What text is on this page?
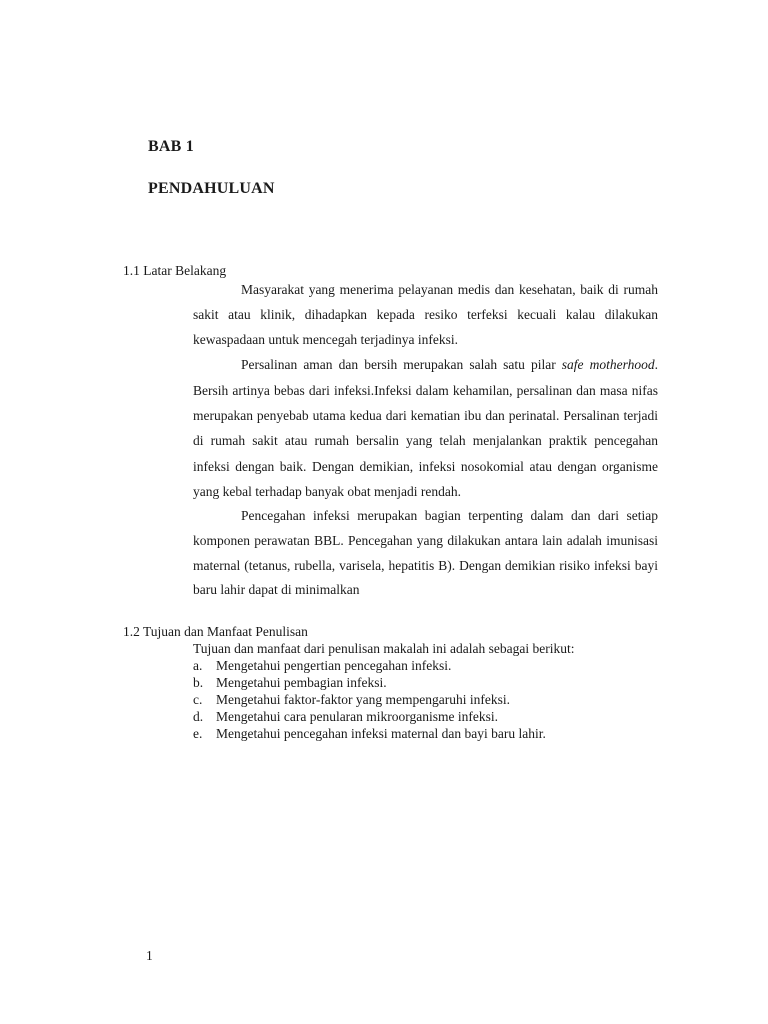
BAB 1
PENDAHULUAN
1.1 Latar Belakang

Masyarakat yang menerima pelayanan medis dan kesehatan, baik di rumah sakit atau klinik, dihadapkan kepada resiko terfeksi kecuali kalau dilakukan kewaspadaan untuk mencegah terjadinya infeksi.

Persalinan aman dan bersih merupakan salah satu pilar safe motherhood. Bersih artinya bebas dari infeksi.Infeksi dalam kehamilan, persalinan dan masa nifas merupakan penyebab utama kedua dari kematian ibu dan perinatal. Persalinan terjadi di rumah sakit atau rumah bersalin yang telah menjalankan praktik pencegahan infeksi dengan baik. Dengan demikian, infeksi nosokomial atau dengan organisme yang kebal terhadap banyak obat menjadi rendah.

Pencegahan infeksi merupakan bagian terpenting dalam dan dari setiap komponen perawatan BBL. Pencegahan yang dilakukan antara lain adalah imunisasi maternal (tetanus, rubella, varisela, hepatitis B). Dengan demikian risiko infeksi bayi baru lahir dapat di minimalkan

1.2 Tujuan dan Manfaat Penulisan

Tujuan dan manfaat dari penulisan makalah ini adalah sebagai berikut:

a. Mengetahui pengertian pencegahan infeksi.
b. Mengetahui pembagian infeksi.
c. Mengetahui faktor-faktor yang mempengaruhi infeksi.
d. Mengetahui cara penularan mikroorganisme infeksi.
e. Mengetahui pencegahan infeksi maternal dan bayi baru lahir.
1
